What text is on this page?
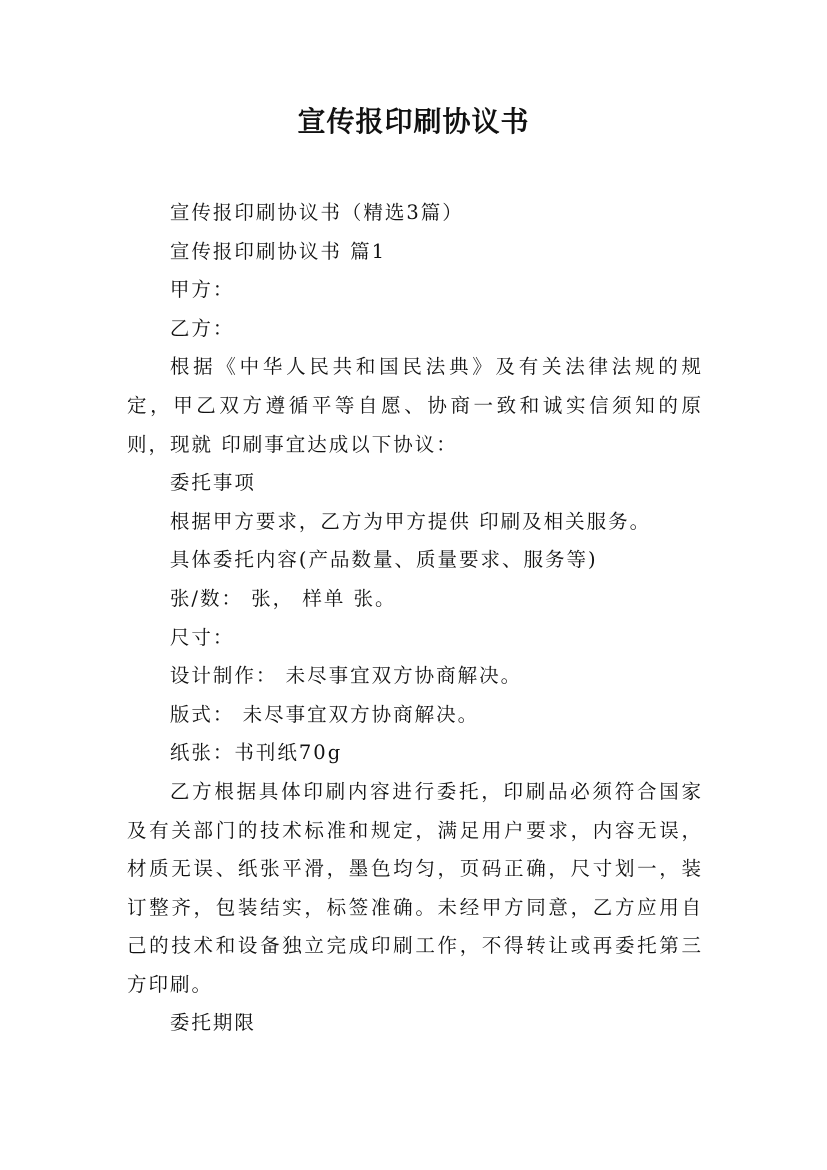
宣传报印刷协议书

宣传报印刷协议书（精选3篇）

宣传报印刷协议书 篇1

甲方：

乙方：

根据《中华人民共和国民法典》及有关法律法规的规定，甲乙双方遵循平等自愿、协商一致和诚实信须知的原则，现就 印刷事宜达成以下协议：

委托事项

根据甲方要求，乙方为甲方提供 印刷及相关服务。

具体委托内容(产品数量、质量要求、服务等)

张/数： 张， 样单 张。

尺寸：

设计制作： 未尽事宜双方协商解决。

版式： 未尽事宜双方协商解决。

纸张：书刊纸70g

乙方根据具体印刷内容进行委托，印刷品必须符合国家及有关部门的技术标准和规定，满足用户要求，内容无误，材质无误、纸张平滑，墨色均匀，页码正确，尺寸划一，装订整齐，包装结实，标签准确。未经甲方同意，乙方应用自己的技术和设备独立完成印刷工作，不得转让或再委托第三方印刷。

委托期限
